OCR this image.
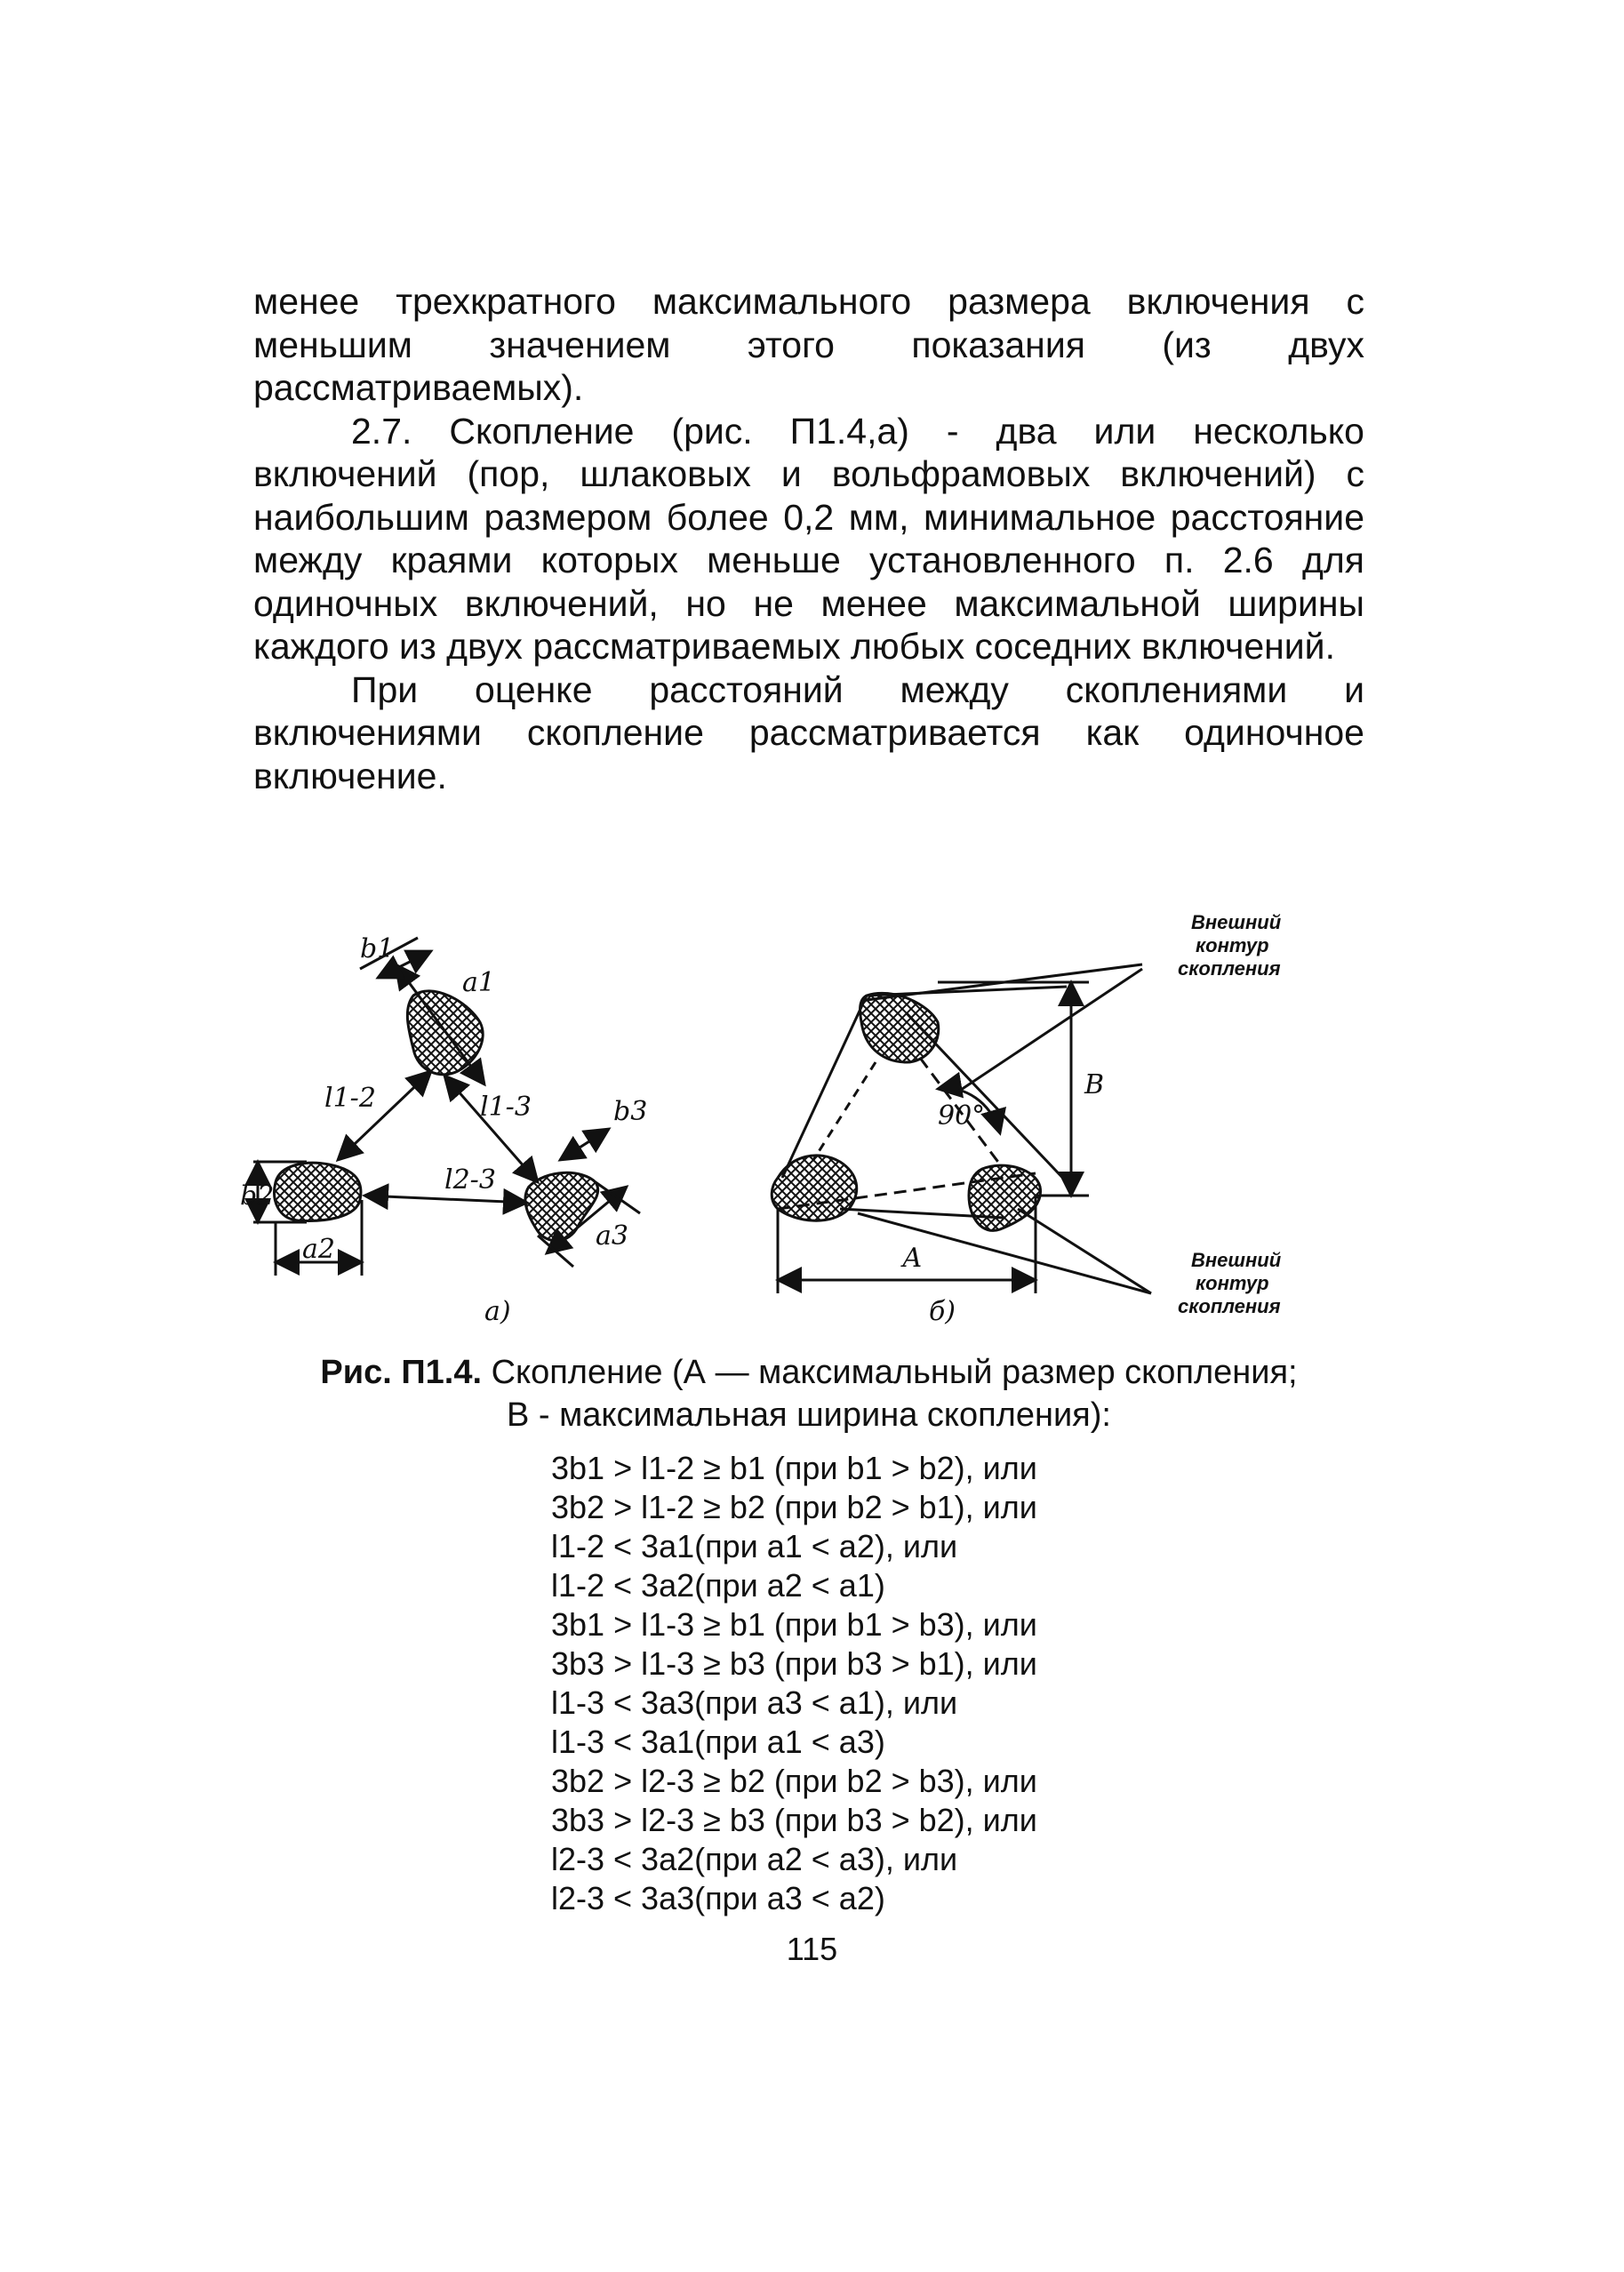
менее трехкратного максимального размера включения с меньшим значением этого показания (из двух рассматриваемых).

2.7. Скопление (рис. П1.4,а) - два или несколько включений (пор, шлаковых и вольфрамовых включений) с наибольшим размером более 0,2 мм, минимальное расстояние между краями которых меньше установленного п. 2.6 для одиночных включений, но не менее максимальной ширины каждого из двух рассматриваемых любых соседних включений.

При оценке расстояний между скоплениями и включениями скопление рассматривается как одиночное включение.

b1
a1
l1-2	l1-3	b3
b2
l2-3
a3
a2
а)
В
90°
А
б)
Внешний
контур
скопления
Внешний
контур
скопления
Рис. П1.4. Скопление (А — максимальный размер скопления;
В - максимальная ширина скопления):
3b1 > l1-2 ≥ b1 (при b1 > b2), или
3b2 > l1-2 ≥ b2 (при b2 > b1), или
l1-2 < 3a1(при a1 < a2), или
l1-2 < 3a2(при a2 < a1)
3b1 > l1-3 ≥ b1 (при b1 > b3), или
3b3 > l1-3 ≥ b3 (при b3 > b1), или
l1-3 < 3a3(при a3 < a1), или
l1-3 < 3a1(при a1 < a3)
3b2 > l2-3 ≥ b2 (при b2 > b3), или
3b3 > l2-3 ≥ b3 (при b3 > b2), или
l2-3 < 3a2(при a2 < a3), или
l2-3 < 3a3(при a3 < a2)
115
